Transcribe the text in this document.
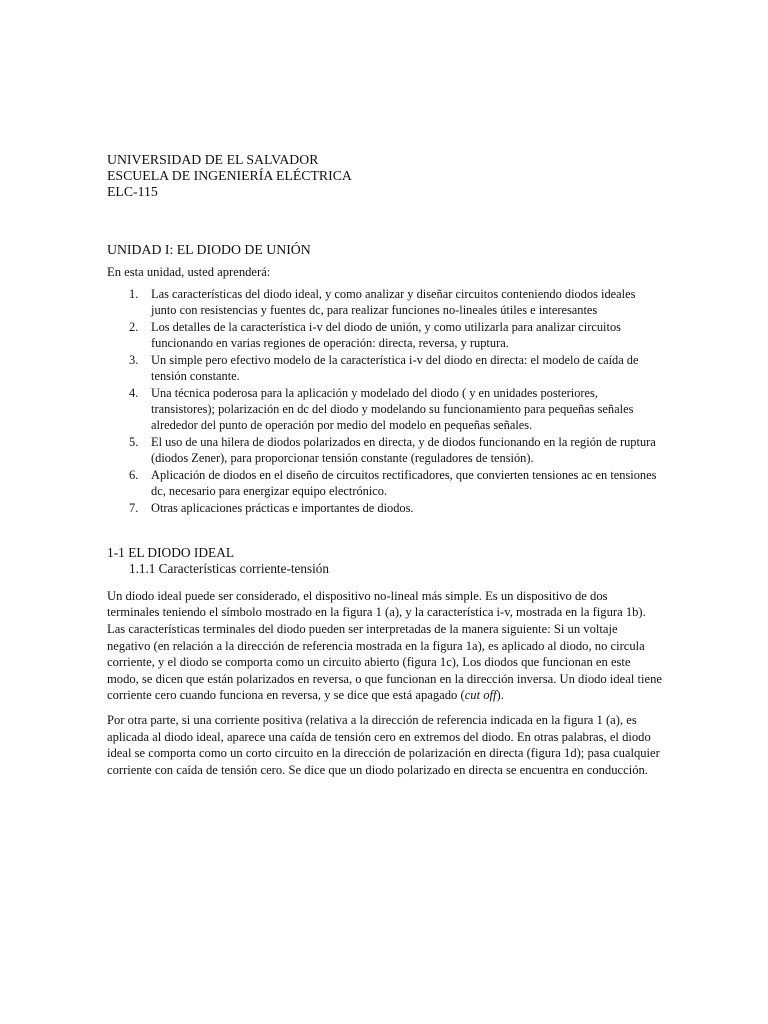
UNIVERSIDAD DE EL SALVADOR

ESCUELA DE INGENIERÍA ELÉCTRICA

ELC-115

UNIDAD I: EL DIODO DE UNIÓN

En esta unidad, usted aprenderá:

1. Las características del diodo ideal, y como analizar y diseñar circuitos conteniendo diodos ideales junto con resistencias y fuentes dc, para realizar funciones no-lineales útiles e interesantes
2. Los detalles de la característica i-v del diodo de unión, y como utilizarla para analizar circuitos funcionando en varias regiones de operación: directa, reversa, y ruptura.
3. Un simple pero efectivo modelo de la característica i-v del diodo en directa: el modelo de caída de tensión constante.
4. Una técnica poderosa para la aplicación y modelado del diodo ( y en unidades posteriores, transistores); polarización en dc del diodo y modelando su funcionamiento para pequeñas señales alrededor del punto de operación por medio del modelo en pequeñas señales.
5. El uso de una hilera de diodos polarizados en directa, y de diodos funcionando en la región de ruptura (diodos Zener), para proporcionar tensión constante (reguladores de tensión).
6. Aplicación de diodos en el diseño de circuitos rectificadores, que convierten tensiones ac en tensiones dc, necesario para energizar equipo electrónico.
7. Otras aplicaciones prácticas e importantes de diodos.

1-1 EL DIODO IDEAL

1.1.1 Características corriente-tensión

Un diodo ideal puede ser considerado, el dispositivo no-lineal más simple. Es un dispositivo de dos terminales teniendo el símbolo mostrado en la figura 1 (a), y la característica i-v, mostrada en la figura 1b). Las características terminales del diodo pueden ser interpretadas de la manera siguiente: Si un voltaje negativo (en relación a la dirección de referencia mostrada en la figura 1a), es aplicado al diodo, no circula corriente, y el diodo se comporta como un circuito abierto (figura 1c), Los diodos que funcionan en este modo, se dicen que están polarizados en reversa, o que funcionan en la dirección inversa. Un diodo ideal tiene corriente cero cuando funciona en reversa, y se dice que está apagado (cut off).

Por otra parte, si una corriente positiva (relativa a la dirección de referencia indicada en la figura 1 (a), es aplicada al diodo ideal, aparece una caída de tensión cero en extremos del diodo. En otras palabras, el diodo ideal se comporta como un corto circuito en la dirección de polarización en directa (figura 1d); pasa cualquier corriente con caída de tensión cero. Se dice que un diodo polarizado en directa se encuentra en conducción.
